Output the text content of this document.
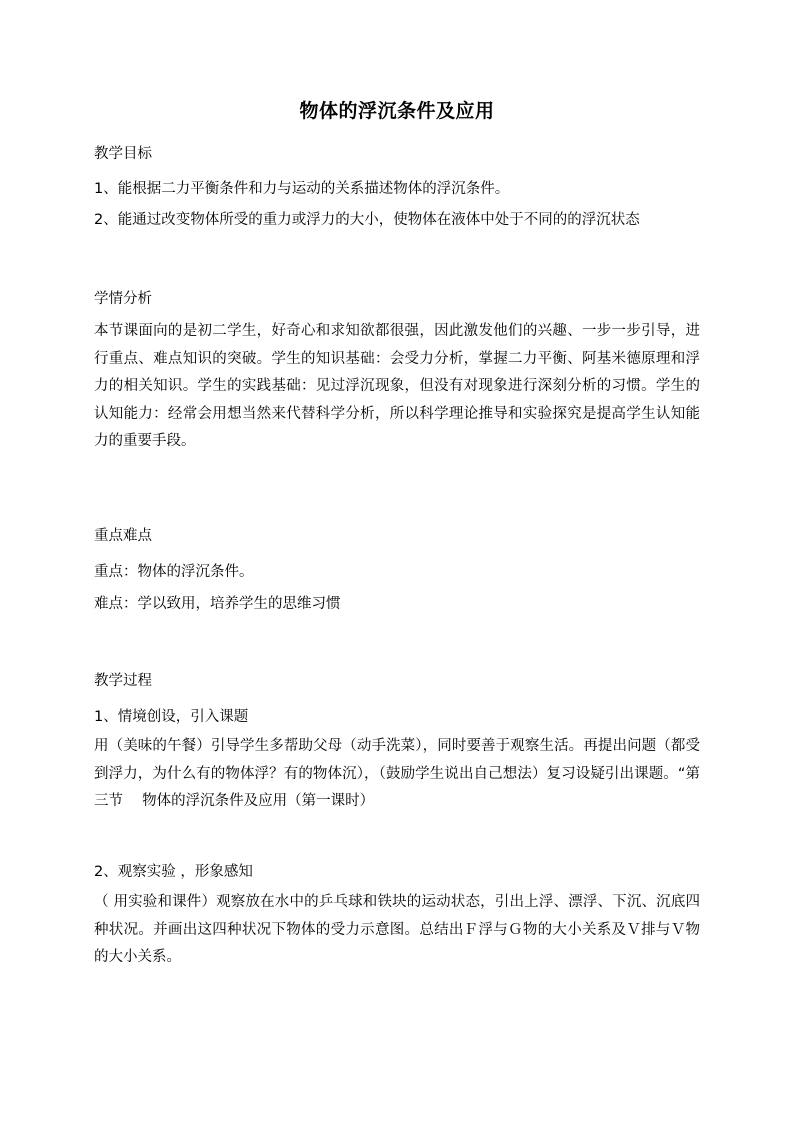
物体的浮沉条件及应用
教学目标
1、能根据二力平衡条件和力与运动的关系描述物体的浮沉条件。
2、能通过改变物体所受的重力或浮力的大小，使物体在液体中处于不同的的浮沉状态
学情分析
本节课面向的是初二学生，好奇心和求知欲都很强，因此激发他们的兴趣、一步一步引导，进行重点、难点知识的突破。学生的知识基础：会受力分析，掌握二力平衡、阿基米德原理和浮力的相关知识。学生的实践基础：见过浮沉现象，但没有对现象进行深刻分析的习惯。学生的认知能力：经常会用想当然来代替科学分析，所以科学理论推导和实验探究是提高学生认知能力的重要手段。
重点难点
重点：物体的浮沉条件。
难点：学以致用，培养学生的思维习惯
教学过程
1、情境创设，引入课题
用（美味的午餐）引导学生多帮助父母（动手洗菜），同时要善于观察生活。再提出问题（都受到浮力，为什么有的物体浮？有的物体沉），（鼓励学生说出自己想法）复习设疑引出课题。“第三节　 物体的浮沉条件及应用（第一课时）
2、观察实验 ，形象感知
（ 用实验和课件）观察放在水中的乒乓球和铁块的运动状态，引出上浮、漂浮、下沉、沉底四种状况。并画出这四种状况下物体的受力示意图。总结出Ｆ浮与Ｇ物的大小关系及Ｖ排与Ｖ物的大小关系。
